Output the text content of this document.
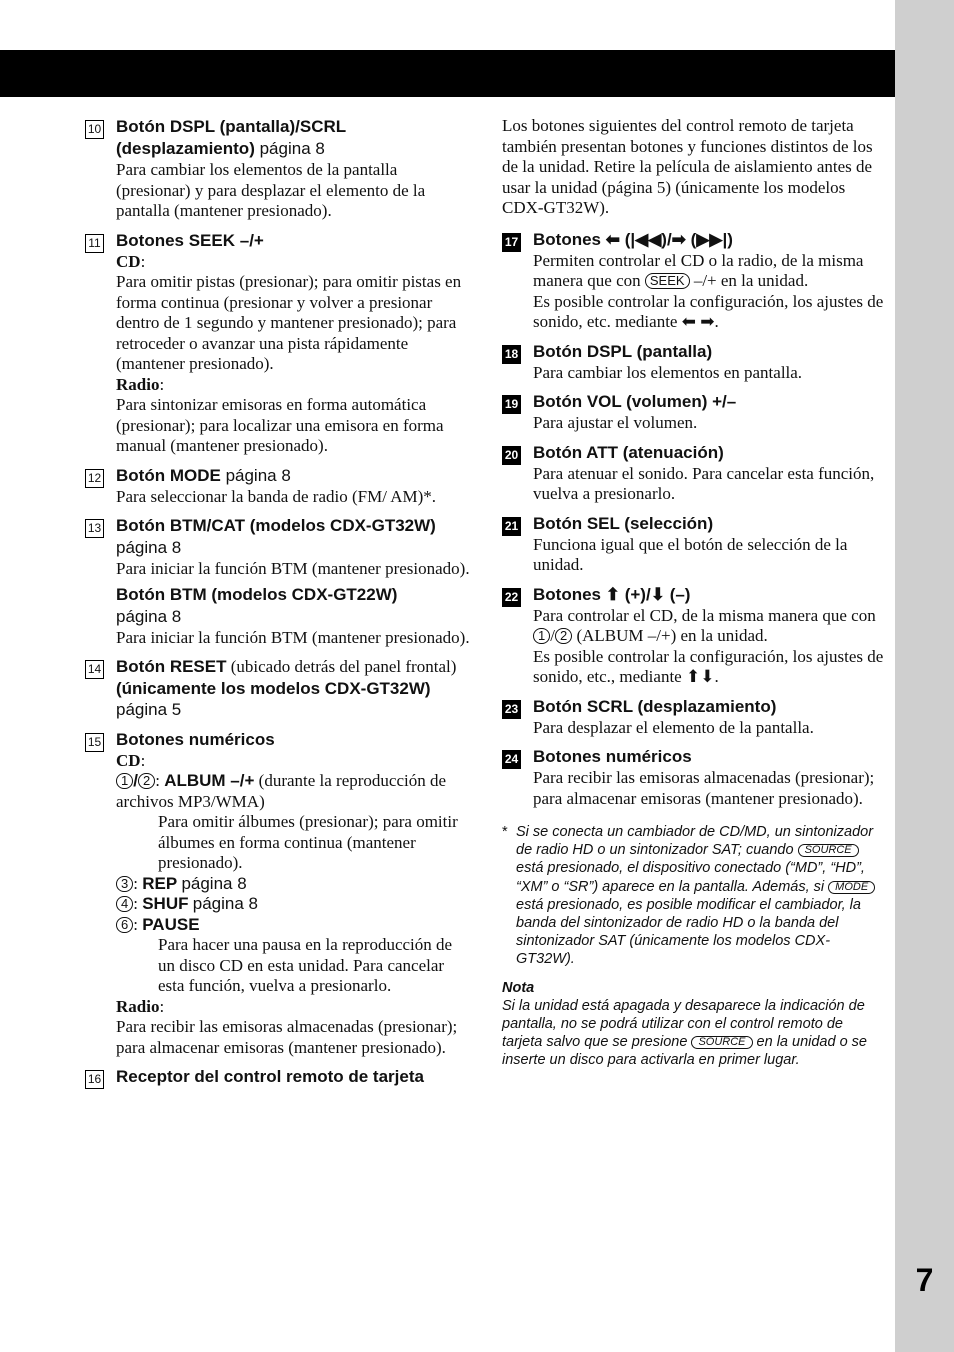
7
10 Botón DSPL (pantalla)/SCRL (desplazamiento) página 8
Para cambiar los elementos de la pantalla (presionar) y para desplazar el elemento de la pantalla (mantener presionado).
11 Botones SEEK –/+
CD:
Para omitir pistas (presionar); para omitir pistas en forma continua (presionar y volver a presionar dentro de 1 segundo y mantener presionado); para retroceder o avanzar una pista rápidamente (mantener presionado).
Radio:
Para sintonizar emisoras en forma automática (presionar); para localizar una emisora en forma manual (mantener presionado).
12 Botón MODE página 8
Para seleccionar la banda de radio (FM/ AM)*.
13 Botón BTM/CAT (modelos CDX-GT32W) página 8
Para iniciar la función BTM (mantener presionado).
Botón BTM (modelos CDX-GT22W)
página 8
Para iniciar la función BTM (mantener presionado).
14 Botón RESET (ubicado detrás del panel frontal) (únicamente los modelos CDX-GT32W) página 5
15 Botones numéricos
CD:
1 / 2 : ALBUM –/+ (durante la reproducción de archivos MP3/WMA)
Para omitir álbumes (presionar); para omitir álbumes en forma continua (mantener presionado).
3 : REP página 8
4 : SHUF página 8
6 : PAUSE
Para hacer una pausa en la reproducción de un disco CD en esta unidad. Para cancelar esta función, vuelva a presionarlo.
Radio:
Para recibir las emisoras almacenadas (presionar); para almacenar emisoras (mantener presionado).
16 Receptor del control remoto de tarjeta
Los botones siguientes del control remoto de tarjeta también presentan botones y funciones distintos de los de la unidad. Retire la película de aislamiento antes de usar la unidad (página 5) (únicamente los modelos CDX-GT32W).
17 Botones ⬅ (|◀◀)/➡ (▶▶|)
Permiten controlar el CD o la radio, de la misma manera que con SEEK –/+ en la unidad.
Es posible controlar la configuración, los ajustes de sonido, etc. mediante ⬅ ➡.
18 Botón DSPL (pantalla)
Para cambiar los elementos en pantalla.
19 Botón VOL (volumen) +/–
Para ajustar el volumen.
20 Botón ATT (atenuación)
Para atenuar el sonido. Para cancelar esta función, vuelva a presionarlo.
21 Botón SEL (selección)
Funciona igual que el botón de selección de la unidad.
22 Botones ⬆ (+)/⬇ (–)
Para controlar el CD, de la misma manera que con 1 / 2 (ALBUM –/+) en la unidad.
Es posible controlar la configuración, los ajustes de sonido, etc., mediante ⬆⬇.
23 Botón SCRL (desplazamiento)
Para desplazar el elemento de la pantalla.
24 Botones numéricos
Para recibir las emisoras almacenadas (presionar); para almacenar emisoras (mantener presionado).
* Si se conecta un cambiador de CD/MD, un sintonizador de radio HD o un sintonizador SAT; cuando SOURCE está presionado, el dispositivo conectado (“MD”, “HD”, “XM” o “SR”) aparece en la pantalla. Además, si MODE está presionado, es posible modificar el cambiador, la banda del sintonizador de radio HD o la banda del sintonizador SAT (únicamente los modelos CDX-GT32W).
Nota
Si la unidad está apagada y desaparece la indicación de pantalla, no se podrá utilizar con el control remoto de tarjeta salvo que se presione SOURCE en la unidad o se inserte un disco para activarla en primer lugar.
